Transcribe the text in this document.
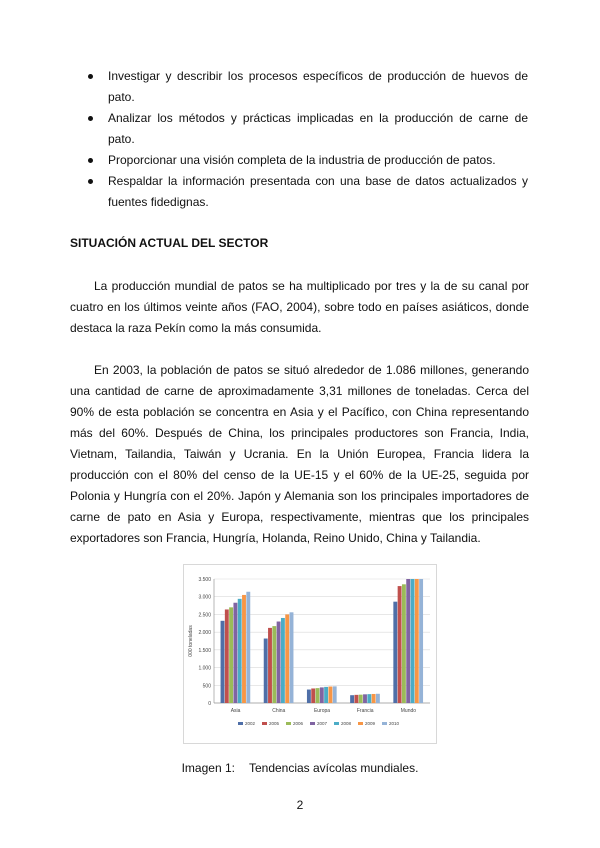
Investigar y describir los procesos específicos de producción de huevos de pato.
Analizar los métodos y prácticas implicadas en la producción de carne de pato.
Proporcionar una visión completa de la industria de producción de patos.
Respaldar la información presentada con una base de datos actualizados y fuentes fidedignas.
SITUACIÓN ACTUAL DEL SECTOR

La producción mundial de patos se ha multiplicado por tres y la de su canal por cuatro en los últimos veinte años (FAO, 2004), sobre todo en países asiáticos, donde destaca la raza Pekín como la más consumida.

En 2003, la población de patos se situó alrededor de 1.086 millones, generando una cantidad de carne de aproximadamente 3,31 millones de toneladas. Cerca del 90% de esta población se concentra en Asia y el Pacífico, con China representando más del 60%. Después de China, los principales productores son Francia, India, Vietnam, Tailandia, Taiwán y Ucrania. En la Unión Europea, Francia lidera la producción con el 80% del censo de la UE-15 y el 60% de la UE-25, seguida por Polonia y Hungría con el 20%. Japón y Alemania son los principales importadores de carne de pato en Asia y Europa, respectivamente, mientras que los principales exportadores son Francia, Hungría, Holanda, Reino Unido, China y Tailandia.

0
500
1.000
1.500
2.000
2.500
3.000
3.500
000 toneladas
Asia	China	Europa	Francia	Mundo
2002	2005	2006	2007	2008	2009	2010
Imagen 1: Tendencias avícolas mundiales.
2
